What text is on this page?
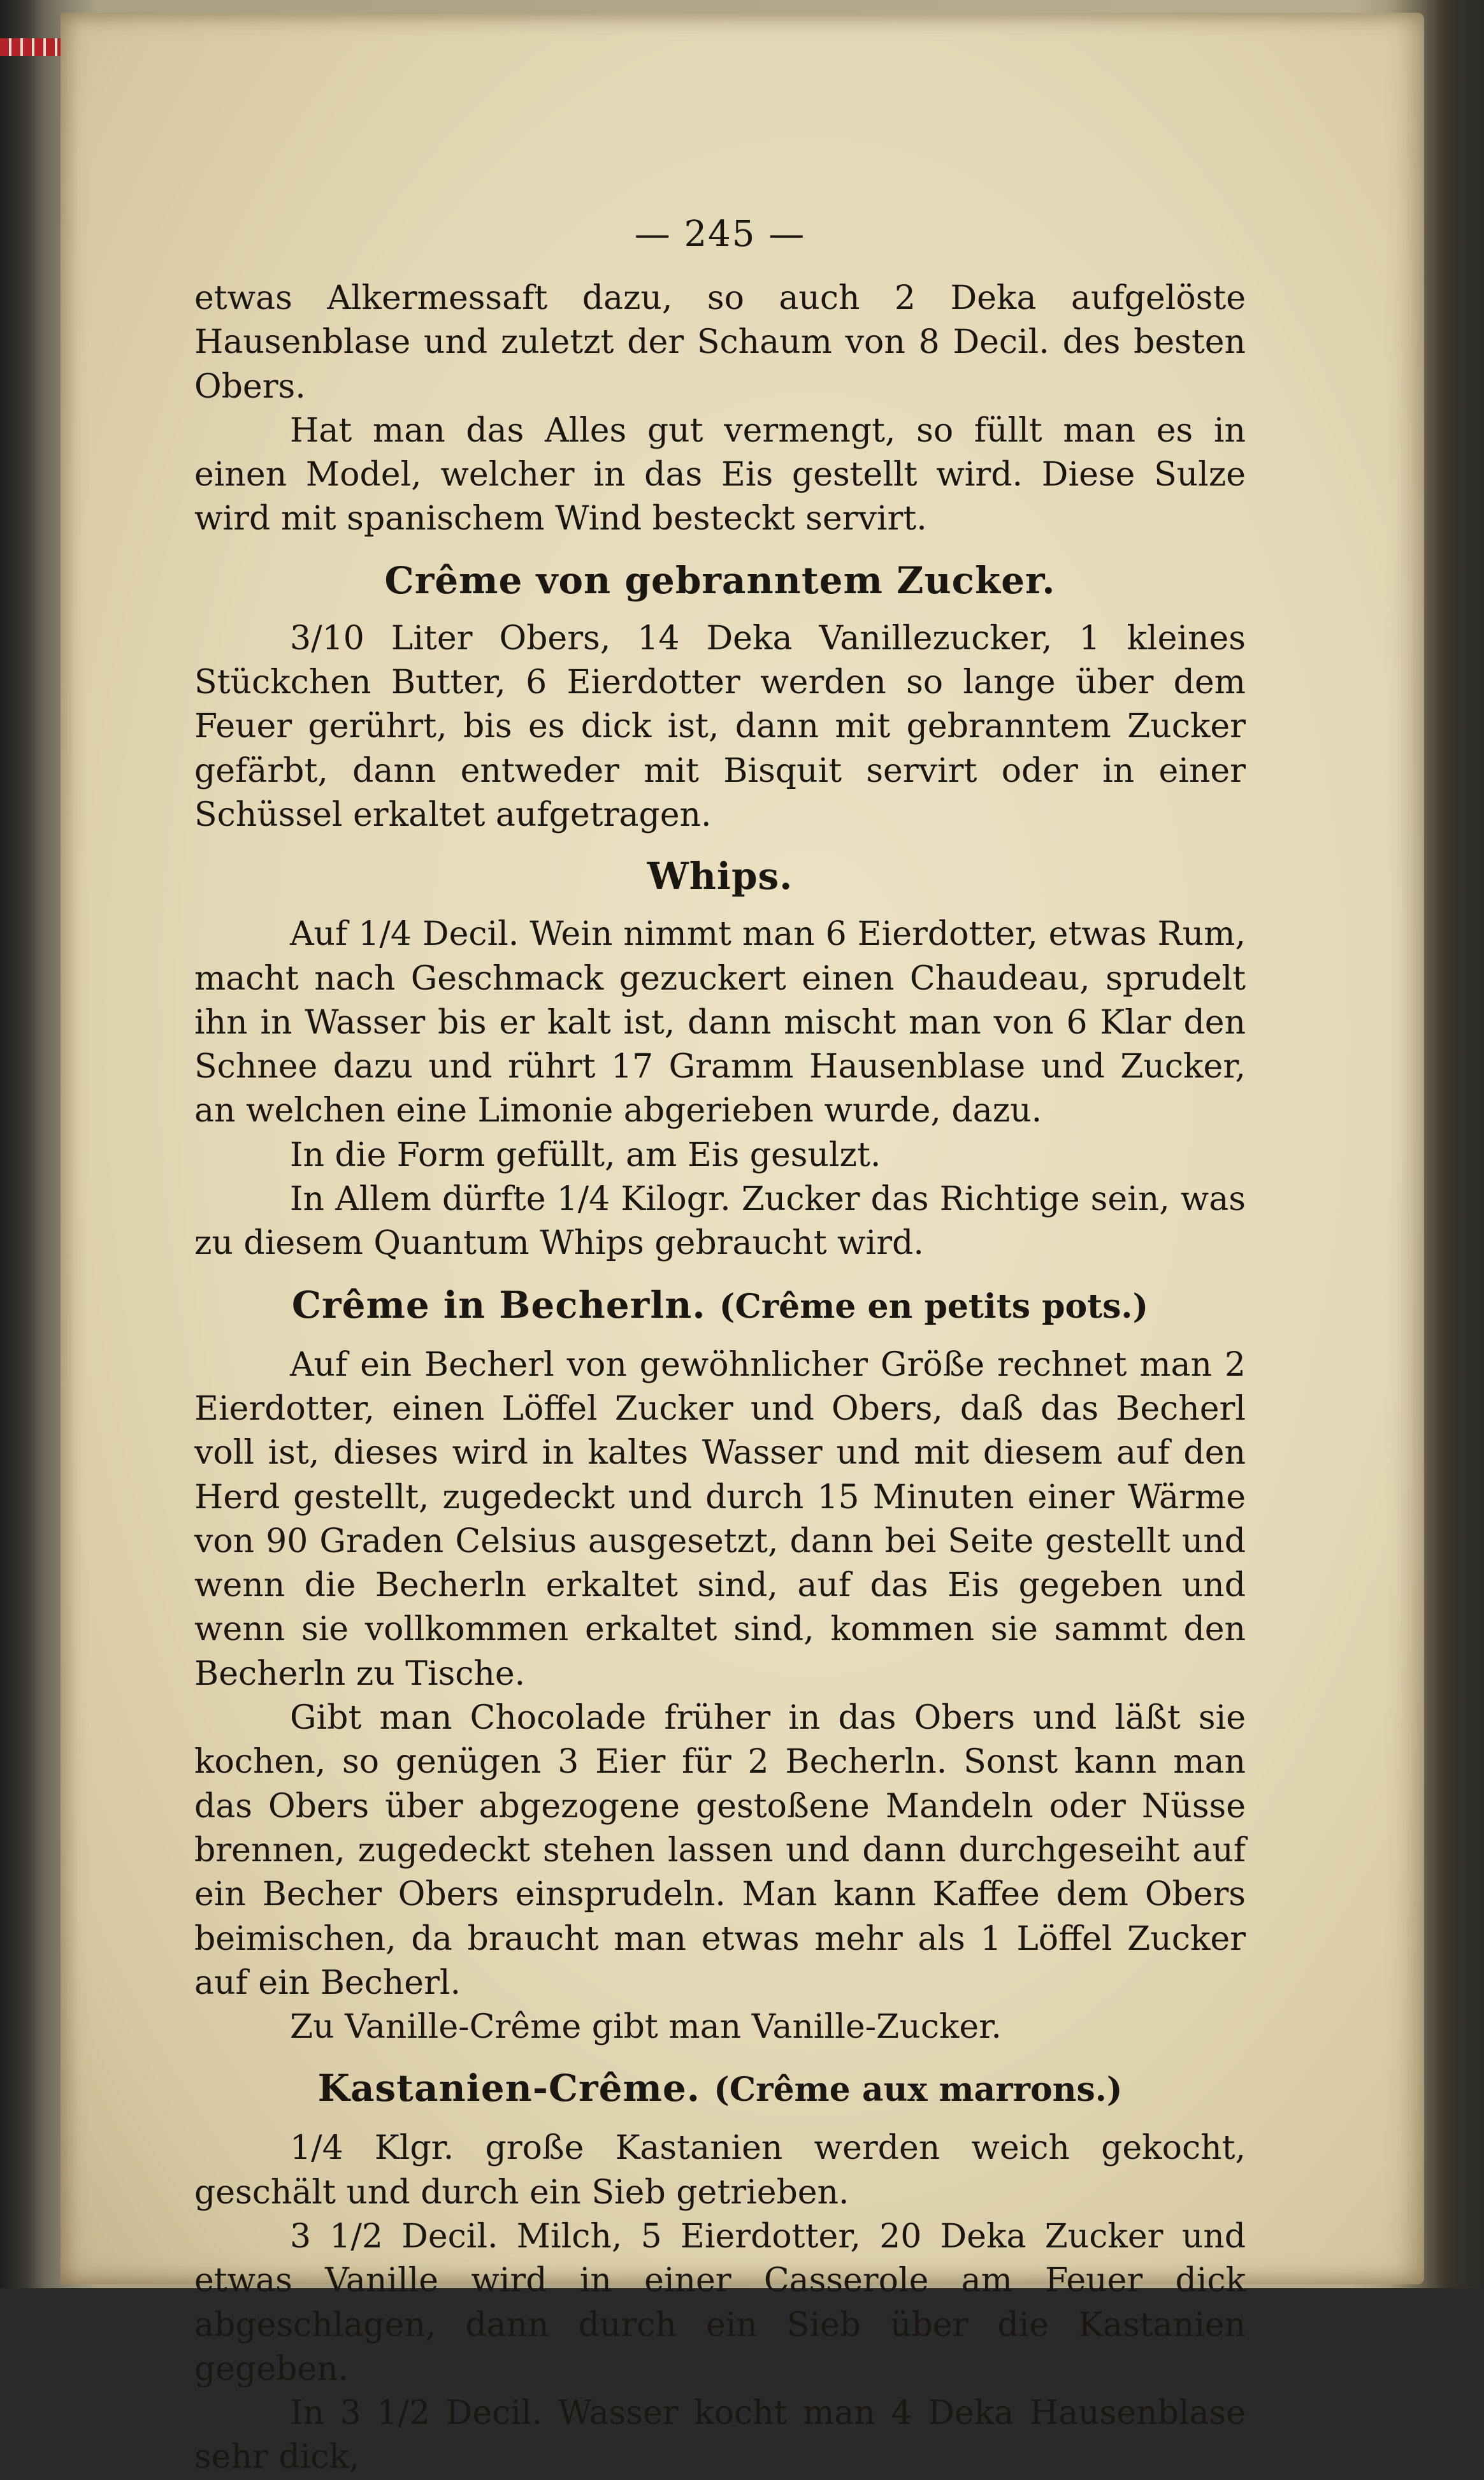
— 245 —

etwas Alkermessaft dazu, so auch 2 Deka aufgelöste Hausenblase und zuletzt der Schaum von 8 Decil. des besten Obers.

Hat man das Alles gut vermengt, so füllt man es in einen Model, welcher in das Eis gestellt wird. Diese Sulze wird mit spanischem Wind besteckt servirt.

Crême von gebranntem Zucker.

3/10 Liter Obers, 14 Deka Vanillezucker, 1 kleines Stückchen Butter, 6 Eierdotter werden so lange über dem Feuer gerührt, bis es dick ist, dann mit gebranntem Zucker gefärbt, dann entweder mit Bisquit servirt oder in einer Schüssel erkaltet aufgetragen.

Whips.

Auf 1/4 Decil. Wein nimmt man 6 Eierdotter, etwas Rum, macht nach Geschmack gezuckert einen Chaudeau, sprudelt ihn in Wasser bis er kalt ist, dann mischt man von 6 Klar den Schnee dazu und rührt 17 Gramm Hausenblase und Zucker, an welchen eine Limonie abgerieben wurde, dazu.

In die Form gefüllt, am Eis gesulzt.

In Allem dürfte 1/4 Kilogr. Zucker das Richtige sein, was zu diesem Quantum Whips gebraucht wird.

Crême in Becherln. (Crême en petits pots.)

Auf ein Becherl von gewöhnlicher Größe rechnet man 2 Eierdotter, einen Löffel Zucker und Obers, daß das Becherl voll ist, dieses wird in kaltes Wasser und mit diesem auf den Herd gestellt, zugedeckt und durch 15 Minuten einer Wärme von 90 Graden Celsius ausgesetzt, dann bei Seite gestellt und wenn die Becherln erkaltet sind, auf das Eis gegeben und wenn sie vollkommen erkaltet sind, kommen sie sammt den Becherln zu Tische.

Gibt man Chocolade früher in das Obers und läßt sie kochen, so genügen 3 Eier für 2 Becherln. Sonst kann man das Obers über abgezogene gestoßene Mandeln oder Nüsse brennen, zugedeckt stehen lassen und dann durchgeseiht auf ein Becher Obers einsprudeln. Man kann Kaffee dem Obers beimischen, da braucht man etwas mehr als 1 Löffel Zucker auf ein Becherl.

Zu Vanille-Crême gibt man Vanille-Zucker.

Kastanien-Crême. (Crême aux marrons.)

1/4 Klgr. große Kastanien werden weich gekocht, geschält und durch ein Sieb getrieben.

3 1/2 Decil. Milch, 5 Eierdotter, 20 Deka Zucker und etwas Vanille wird in einer Casserole am Feuer dick abgeschlagen, dann durch ein Sieb über die Kastanien gegeben.

In 3 1/2 Decil. Wasser kocht man 4 Deka Hausenblase sehr dick,
